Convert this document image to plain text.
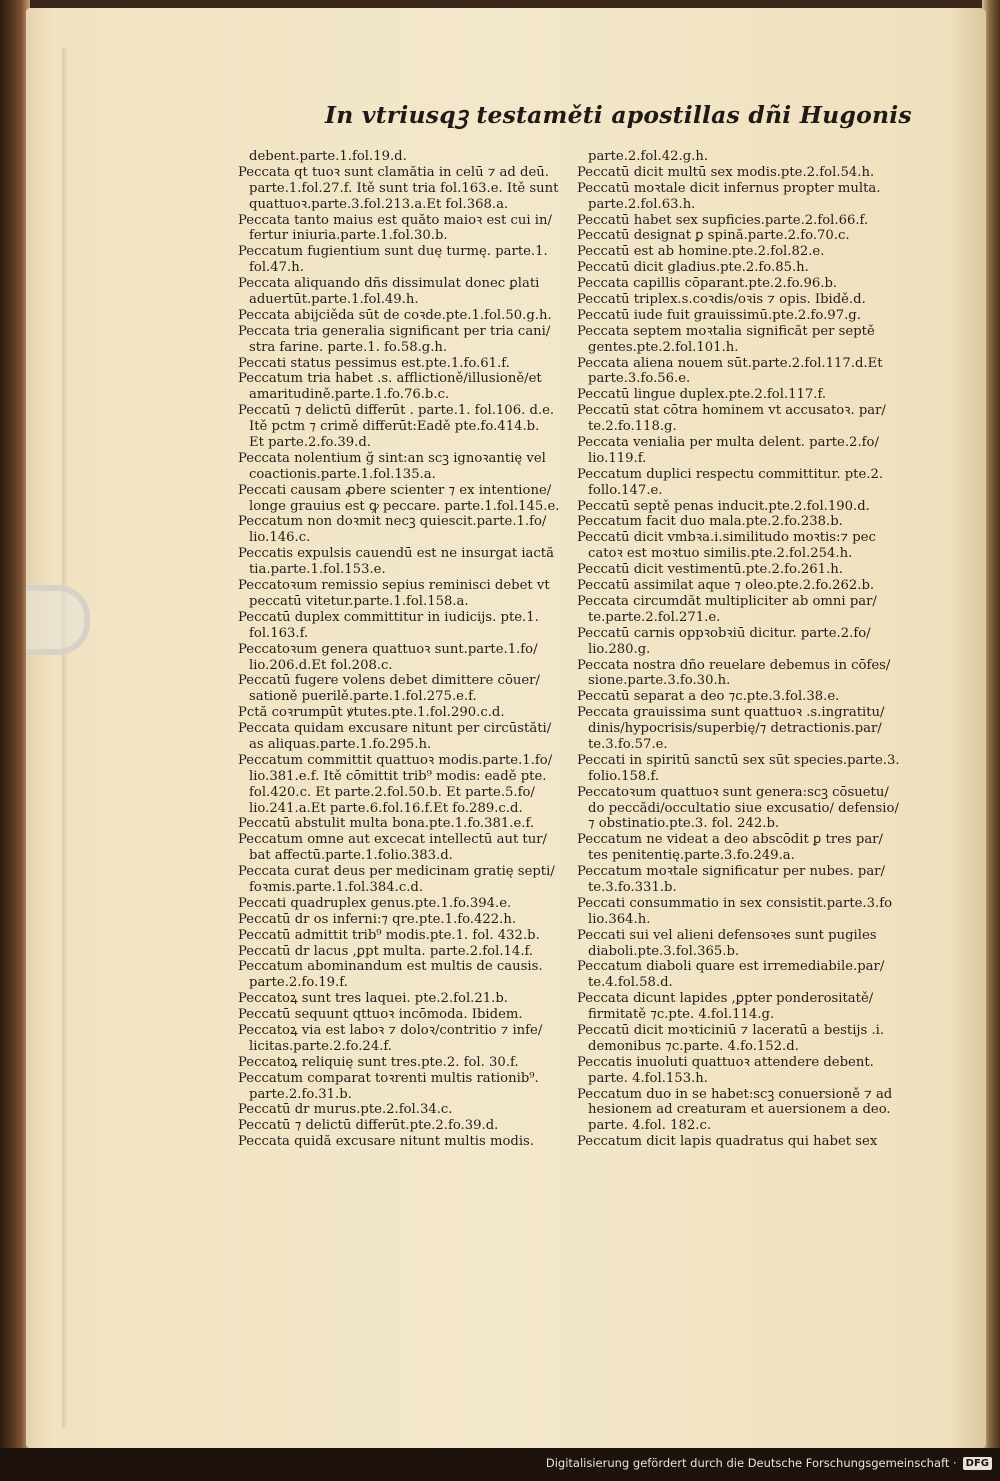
In vtriusqꝫ testaměti apostillas dñi Hugonis
debent.parte.1.fol.19.d.
Peccata qt tuoꝛ sunt clamătia in celū ⁊ ad deū.
parte.1.fol.27.f. Itě sunt tria fol.163.e. Itě sunt
quattuoꝛ.parte.3.fol.213.a.Et fol.368.a.
Peccata tanto maius est quăto maioꝛ est cui in/
fertur iniuria.parte.1.fol.30.b.
Peccatum fugientium sunt duę turmę. parte.1.
fol.47.h.
Peccata aliquando dñs dissimulat donec ꝑlati
aduertūt.parte.1.fol.49.h.
Peccata abijciěda sūt de coꝛde.pte.1.fol.50.g.h.
Peccata tria generalia significant per tria cani/
stra farine. parte.1. fo.58.g.h.
Peccati status pessimus est.pte.1.fo.61.f.
Peccatum tria habet .s. afflictioně/illusioně/et
amaritudině.parte.1.fo.76.b.c.
Peccatū ⁊ delictū differūt . parte.1. fol.106. d.e.
Itě pctm ⁊ crimě differūt:Eadě pte.fo.414.b.
Et parte.2.fo.39.d.
Peccata nolentium ğ sint:an scꝫ ignoꝛantię vel
coactionis.parte.1.fol.135.a.
Peccati causam ꝓbere scienter ⁊ ex intentione/
longe grauius est ꝙ peccare. parte.1.fol.145.e.
Peccatum non doꝛmit necꝫ quiescit.parte.1.fo/
lio.146.c.
Peccatis expulsis cauendū est ne insurgat iactă
tia.parte.1.fol.153.e.
Peccatoꝛum remissio sepius reminisci debet vt
peccatū vitetur.parte.1.fol.158.a.
Peccatū duplex committitur in iudicijs. pte.1.
fol.163.f.
Peccatoꝛum genera quattuoꝛ sunt.parte.1.fo/
lio.206.d.Et fol.208.c.
Peccatū fugere volens debet dimittere cōuer/
sationě puerilě.parte.1.fol.275.e.f.
Pctă coꝛrumpūt ꝟtutes.pte.1.fol.290.c.d.
Peccata quidam excusare nitunt per circūstăti/
as aliquas.parte.1.fo.295.h.
Peccatum committit quattuoꝛ modis.parte.1.fo/
lio.381.e.f. Itě cōmittit trib⁹ modis: eadě pte.
fol.420.c. Et parte.2.fol.50.b. Et parte.5.fo/
lio.241.a.Et parte.6.fol.16.f.Et fo.289.c.d.
Peccatū abstulit multa bona.pte.1.fo.381.e.f.
Peccatum omne aut excecat intellectū aut tur/
bat affectū.parte.1.folio.383.d.
Peccata curat deus per medicinam gratię septi/
foꝛmis.parte.1.fol.384.c.d.
Peccati quadruplex genus.pte.1.fo.394.e.
Peccatū dr os inferni:⁊ qre.pte.1.fo.422.h.
Peccatū admittit trib⁹ modis.pte.1. fol. 432.b.
Peccatū dr lacus ,ꝑpt multa. parte.2.fol.14.f.
Peccatum abominandum est multis de causis.
parte.2.fo.19.f.
Peccatoꝝ sunt tres laquei. pte.2.fol.21.b.
Peccatū sequunt qttuoꝛ incōmoda. Ibidem.
Peccatoꝝ via est laboꝛ ⁊ doloꝛ/contritio ⁊ infe/
licitas.parte.2.fo.24.f.
Peccatoꝝ reliquię sunt tres.pte.2. fol. 30.f.
Peccatum comparat toꝛrenti multis rationib⁹.
parte.2.fo.31.b.
Peccatū dr murus.pte.2.fol.34.c.
Peccatū ⁊ delictū differūt.pte.2.fo.39.d.
Peccata quidă excusare nitunt multis modis.
parte.2.fol.42.g.h.
Peccatū dicit multū sex modis.pte.2.fol.54.h.
Peccatū moꝛtale dicit infernus propter multa.
parte.2.fol.63.h.
Peccatū habet sex supficies.parte.2.fol.66.f.
Peccatū designat ꝑ spină.parte.2.fo.70.c.
Peccatū est ab homine.pte.2.fol.82.e.
Peccatū dicit gladius.pte.2.fo.85.h.
Peccata capillis cōparant.pte.2.fo.96.b.
Peccatū triplex.s.coꝛdis/oꝛis ⁊ opis. Ibidě.d.
Peccatū iude fuit grauissimū.pte.2.fo.97.g.
Peccata septem moꝛtalia significăt per septě
gentes.pte.2.fol.101.h.
Peccata aliena nouem sūt.parte.2.fol.117.d.Et
parte.3.fo.56.e.
Peccatū lingue duplex.pte.2.fol.117.f.
Peccatū stat cōtra hominem vt accusatoꝛ. par/
te.2.fo.118.g.
Peccata venialia per multa delent. parte.2.fo/
lio.119.f.
Peccatum duplici respectu committitur. pte.2.
follo.147.e.
Peccatū septě penas inducit.pte.2.fol.190.d.
Peccatum facit duo mala.pte.2.fo.238.b.
Peccatū dicit vmbꝛa.i.similitudo moꝛtis:⁊ pec
catoꝛ est moꝛtuo similis.pte.2.fol.254.h.
Peccatū dicit vestimentū.pte.2.fo.261.h.
Peccatū assimilat aque ⁊ oleo.pte.2.fo.262.b.
Peccata circumdăt multipliciter ab omni par/
te.parte.2.fol.271.e.
Peccatū carnis oppꝛobꝛiū dicitur. parte.2.fo/
lio.280.g.
Peccata nostra dño reuelare debemus in cōfes/
sione.parte.3.fo.30.h.
Peccatū separat a deo ⁊c.pte.3.fol.38.e.
Peccata grauissima sunt quattuoꝛ .s.ingratitu/
dinis/hypocrisis/superbię/⁊ detractionis.par/
te.3.fo.57.e.
Peccati in spiritū sanctū sex sūt species.parte.3.
folio.158.f.
Peccatoꝛum quattuoꝛ sunt genera:scꝫ cōsuetu/
do peccădi/occultatio siue excusatio/ defensio/
⁊ obstinatio.pte.3. fol. 242.b.
Peccatum ne videat a deo abscōdit ꝑ tres par/
tes penitentię.parte.3.fo.249.a.
Peccatum moꝛtale significatur per nubes. par/
te.3.fo.331.b.
Peccati consummatio in sex consistit.parte.3.fo
lio.364.h.
Peccati sui vel alieni defensoꝛes sunt pugiles
diaboli.pte.3.fol.365.b.
Peccatum diaboli quare est irremediabile.par/
te.4.fol.58.d.
Peccata dicunt lapides ,ꝑpter ponderositatě/
firmitatě ⁊c.pte. 4.fol.114.g.
Peccatū dicit moꝛticiniū ⁊ laceratū a bestijs .i.
demonibus ⁊c.parte. 4.fo.152.d.
Peccatis inuoluti quattuoꝛ attendere debent.
parte. 4.fol.153.h.
Peccatum duo in se habet:scꝫ conuersioně ⁊ ad
hesionem ad creaturam et auersionem a deo.
parte. 4.fol. 182.c.
Peccatum dicit lapis quadratus qui habet sex
Digitalisierung gefördert durch die Deutsche Forschungsgemeinschaft · DFG
